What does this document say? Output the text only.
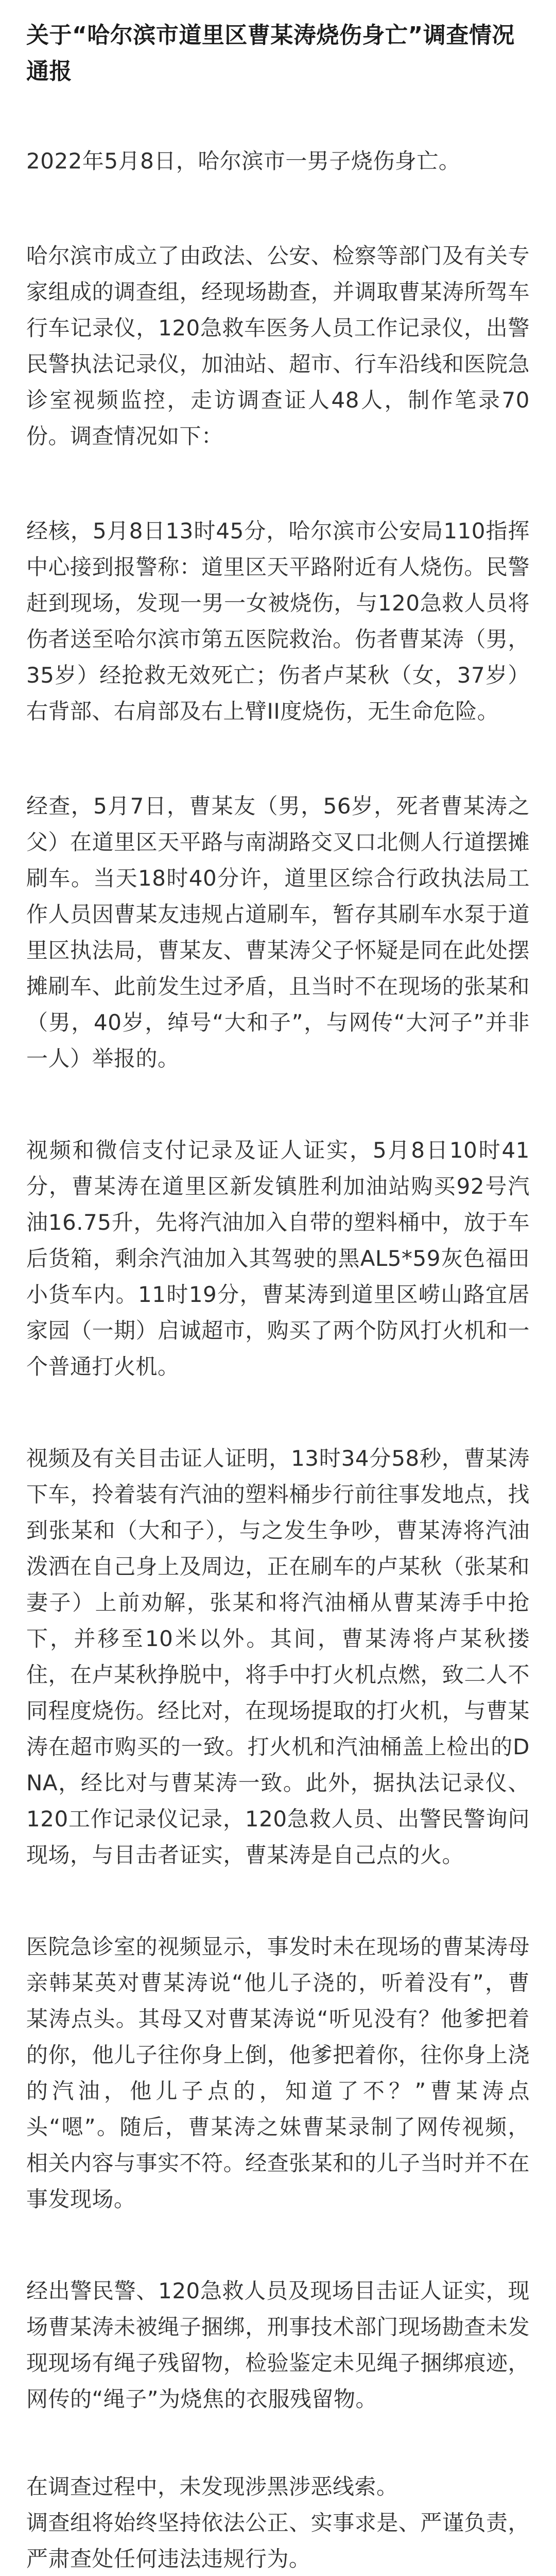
关于“哈尔滨市道里区曹某涛烧伤身亡”调查情况通报

2022年5月8日，哈尔滨市一男子烧伤身亡。

哈尔滨市成立了由政法、公安、检察等部门及有关专家组成的调查组，经现场勘查，并调取曹某涛所驾车行车记录仪，120急救车医务人员工作记录仪，出警民警执法记录仪，加油站、超市、行车沿线和医院急诊室视频监控，走访调查证人48人，制作笔录70份。调查情况如下：

经核，5月8日13时45分，哈尔滨市公安局110指挥中心接到报警称：道里区天平路附近有人烧伤。民警赶到现场，发现一男一女被烧伤，与120急救人员将伤者送至哈尔滨市第五医院救治。伤者曹某涛（男，35岁）经抢救无效死亡；伤者卢某秋（女，37岁）右背部、右肩部及右上臂II度烧伤，无生命危险。

经查，5月7日，曹某友（男，56岁，死者曹某涛之父）在道里区天平路与南湖路交叉口北侧人行道摆摊刷车。当天18时40分许，道里区综合行政执法局工作人员因曹某友违规占道刷车，暂存其刷车水泵于道里区执法局，曹某友、曹某涛父子怀疑是同在此处摆摊刷车、此前发生过矛盾，且当时不在现场的张某和（男，40岁，绰号“大和子”，与网传“大河子”并非一人）举报的。

视频和微信支付记录及证人证实，5月8日10时41分，曹某涛在道里区新发镇胜利加油站购买92号汽油16.75升，先将汽油加入自带的塑料桶中，放于车后货箱，剩余汽油加入其驾驶的黑AL5*59灰色福田小货车内。11时19分，曹某涛到道里区崂山路宜居家园（一期）启诚超市，购买了两个防风打火机和一个普通打火机。

视频及有关目击证人证明，13时34分58秒，曹某涛下车，拎着装有汽油的塑料桶步行前往事发地点，找到张某和（大和子），与之发生争吵，曹某涛将汽油泼洒在自己身上及周边，正在刷车的卢某秋（张某和妻子）上前劝解，张某和将汽油桶从曹某涛手中抢下，并移至10米以外。其间，曹某涛将卢某秋搂住，在卢某秋挣脱中，将手中打火机点燃，致二人不同程度烧伤。经比对，在现场提取的打火机，与曹某涛在超市购买的一致。打火机和汽油桶盖上检出的DNA，经比对与曹某涛一致。此外，据执法记录仪、120工作记录仪记录，120急救人员、出警民警询问现场，与目击者证实，曹某涛是自己点的火。

医院急诊室的视频显示，事发时未在现场的曹某涛母亲韩某英对曹某涛说“他儿子浇的，听着没有”，曹某涛点头。其母又对曹某涛说“听见没有？他爹把着的你，他儿子往你身上倒，他爹把着你，往你身上浇的汽油，他儿子点的，知道了不？”曹某涛点头“嗯”。随后，曹某涛之妹曹某录制了网传视频，相关内容与事实不符。经查张某和的儿子当时并不在事发现场。

经出警民警、120急救人员及现场目击证人证实，现场曹某涛未被绳子捆绑，刑事技术部门现场勘查未发现现场有绳子残留物，检验鉴定未见绳子捆绑痕迹，网传的“绳子”为烧焦的衣服残留物。

在调查过程中，未发现涉黑涉恶线索。

调查组将始终坚持依法公正、实事求是、严谨负责，严肃查处任何违法违规行为。
